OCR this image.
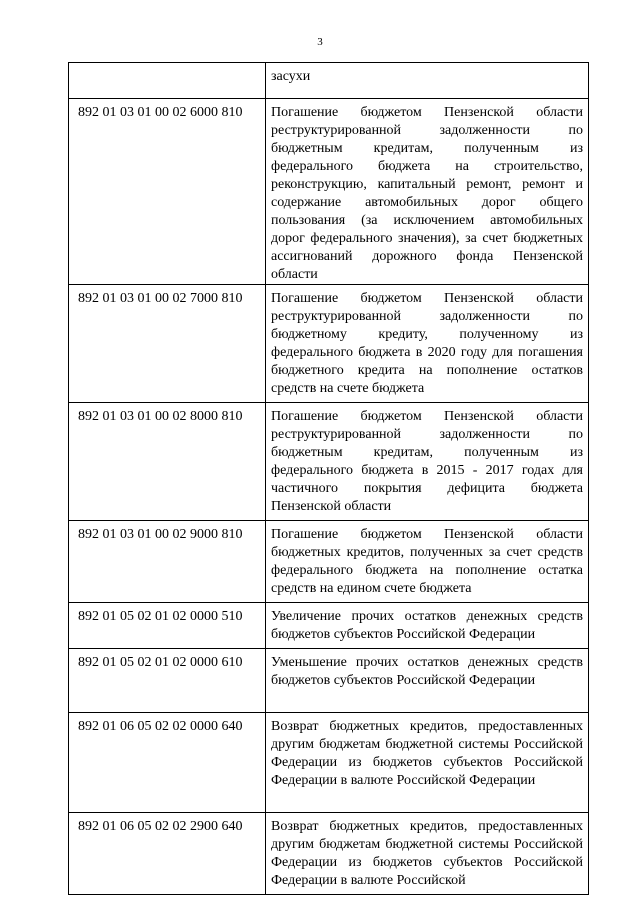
3
	засухи
892 01 03 01 00 02 6000 810	Погашение бюджетом Пензенской области реструктурированной задолженности по бюджетным кредитам, полученным из федерального бюджета на строительство, реконструкцию, капитальный ремонт, ремонт и содержание автомобильных дорог общего пользования (за исключением автомобильных дорог федерального значения), за счет бюджетных ассигнований дорожного фонда Пензенской области
892 01 03 01 00 02 7000 810	Погашение бюджетом Пензенской области реструктурированной задолженности по бюджетному кредиту, полученному из федерального бюджета в 2020 году для погашения бюджетного кредита на пополнение остатков средств на счете бюджета
892 01 03 01 00 02 8000 810	Погашение бюджетом Пензенской области реструктурированной задолженности по бюджетным кредитам, полученным из федерального бюджета в 2015 - 2017 годах для частичного покрытия дефицита бюджета Пензенской области
892 01 03 01 00 02 9000 810	Погашение бюджетом Пензенской области бюджетных кредитов, полученных за счет средств федерального бюджета на пополнение остатка средств на едином счете бюджета
892 01 05 02 01 02 0000 510	Увеличение прочих остатков денежных средств бюджетов субъектов Российской Федерации
892 01 05 02 01 02 0000 610	Уменьшение прочих остатков денежных средств бюджетов субъектов Российской Федерации
892 01 06 05 02 02 0000 640	Возврат бюджетных кредитов, предоставленных другим бюджетам бюджетной системы Российской Федерации из бюджетов субъектов Российской Федерации в валюте Российской Федерации
892 01 06 05 02 02 2900 640	Возврат бюджетных кредитов, предоставленных другим бюджетам бюджетной системы Российской Федерации из бюджетов субъектов Российской Федерации в валюте Российской
